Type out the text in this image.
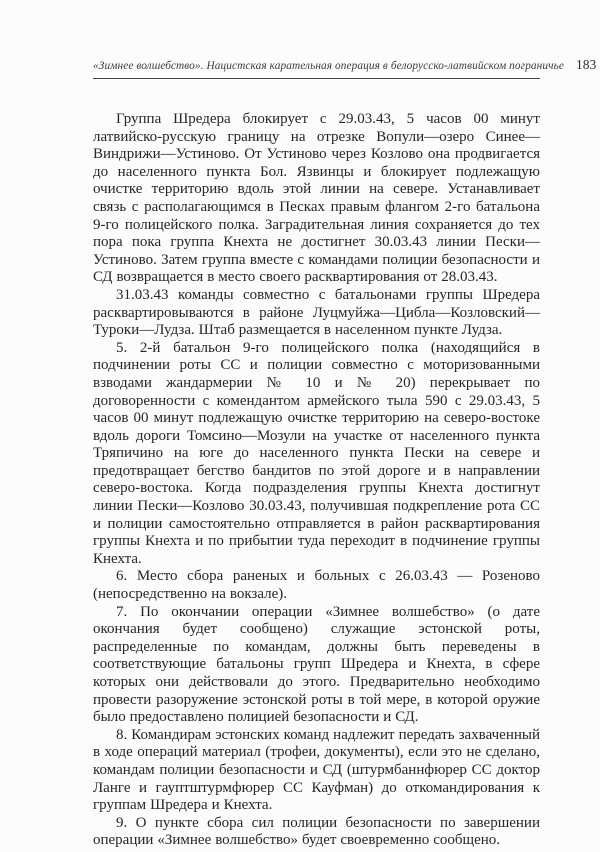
«Зимнее волшебство». Нацистская карательная операция в белорусско-латвийском пограничье 183

Группа Шредера блокирует с 29.03.43, 5 часов 00 минут латвийско-русскую границу на отрезке Вопули—озеро Синее—Виндрижи—Устиново. От Устиново через Козлово она продвигается до населенного пункта Бол. Язвинцы и блокирует подлежащую очистке территорию вдоль этой линии на севере. Устанавливает связь с располагающимся в Песках правым флангом 2-го батальона 9-го полицейского полка. Заградительная линия сохраняется до тех пора пока группа Кнехта не достигнет 30.03.43 линии Пески—Устиново. Затем группа вместе с командами полиции безопасности и СД возвращается в место своего расквартирования от 28.03.43.

31.03.43 команды совместно с батальонами группы Шредера расквартировываются в районе Луцмуйжа—Цибла—Козловский—Туроки—Лудза. Штаб размещается в населенном пункте Лудза.

5. 2-й батальон 9-го полицейского полка (находящийся в подчинении роты СС и полиции совместно с моторизованными взводами жандармерии № 10 и № 20) перекрывает по договоренности с комендантом армейского тыла 590 с 29.03.43, 5 часов 00 минут подлежащую очистке территорию на северо-востоке вдоль дороги Томсино—Мозули на участке от населенного пункта Тряпичино на юге до населенного пункта Пески на севере и предотвращает бегство бандитов по этой дороге и в направлении северо-востока. Когда подразделения группы Кнехта достигнут линии Пески—Козлово 30.03.43, получившая подкрепление рота СС и полиции самостоятельно отправляется в район расквартирования группы Кнехта и по прибытии туда переходит в подчинение группы Кнехта.

6. Место сбора раненых и больных с 26.03.43 — Розеново (непосредственно на вокзале).

7. По окончании операции «Зимнее волшебство» (о дате окончания будет сообщено) служащие эстонской роты, распределенные по командам, должны быть переведены в соответствующие батальоны групп Шредера и Кнехта, в сфере которых они действовали до этого. Предварительно необходимо провести разоружение эстонской роты в той мере, в которой оружие было предоставлено полицией безопасности и СД.

8. Командирам эстонских команд надлежит передать захваченный в ходе операций материал (трофеи, документы), если это не сделано, командам полиции безопасности и СД (штурмбаннфюрер СС доктор Ланге и гауптштурмфюрер СС Кауфман) до откомандирования к группам Шредера и Кнехта.

9. О пункте сбора сил полиции безопасности по завершении операции «Зимнее волшебство» будет своевременно сообщено.
